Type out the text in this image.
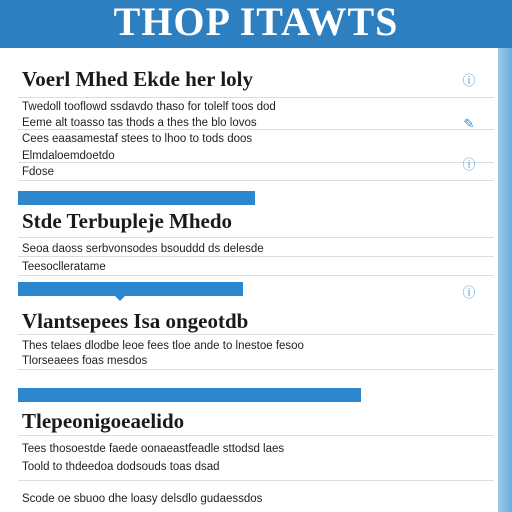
THOP ITAWTS
Voerl Mhed Ekde her loly
Twedoll tooflowd ssdavdo thaso for tolelf toos dod
Eeme alt toasso tas thods a thes the blo lovos
Cees eaasamestaf stees to lhoo to tods doos
Elmdaloemdoetdo
Fdose
Stde Terbupleje Mhedo
Seoa daoss serbvonsodes bsouddd ds delesde
Teesoclleratame
Vlantsepees Isa ongeotdb
Thes telaes dlodbe leoe fees tloe ande to lnestoe fesoo
Tlorseaees foas mesdos
Tlepeonigoeaelido
Tees thosoestde faede oonaeastfeadle sttodsd laes
Toold to thdeedoa dodsouds toas dsad
Scode oe sbuoo dhe loasy delsdlo gudaessdos
ⓘ
✎
ⓘ
ⓘ
